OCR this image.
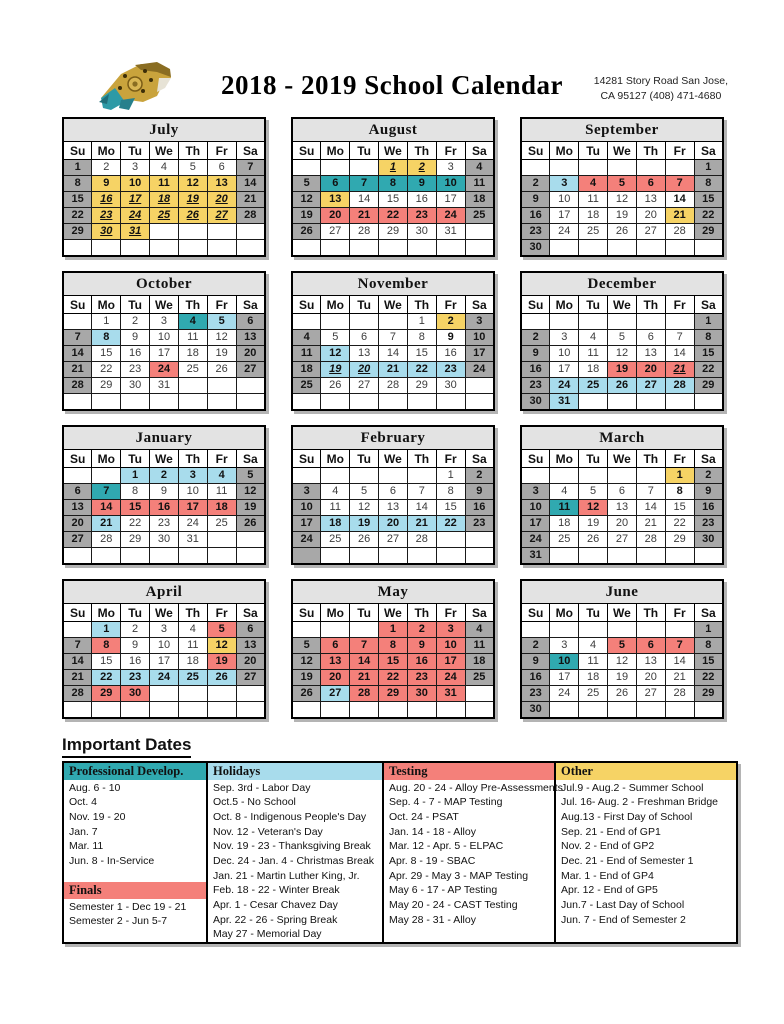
2018 - 2019 School Calendar	14281 Story Road San Jose,
CA 95127 (408) 471-4680
July						
Su	Mo	Tu	We	Th	Fr	Sa
1	2	3	4	5	6	7
8	9	10	11	12	13	14
15	16	17	18	19	20	21
22	23	24	25	26	27	28
29	30	31				

August						
Su	Mo	Tu	We	Th	Fr	Sa
			1	2	3	4
5	6	7	8	9	10	11
12	13	14	15	16	17	18
19	20	21	22	23	24	25
26	27	28	29	30	31	

September						
Su	Mo	Tu	We	Th	Fr	Sa
						1
2	3	4	5	6	7	8
9	10	11	12	13	14	15
16	17	18	19	20	21	22
23	24	25	26	27	28	29
30						
October						
Su	Mo	Tu	We	Th	Fr	Sa
	1	2	3	4	5	6
7	8	9	10	11	12	13
14	15	16	17	18	19	20
21	22	23	24	25	26	27
28	29	30	31			

November						
Su	Mo	Tu	We	Th	Fr	Sa
				1	2	3
4	5	6	7	8	9	10
11	12	13	14	15	16	17
18	19	20	21	22	23	24
25	26	27	28	29	30	

December						
Su	Mo	Tu	We	Th	Fr	Sa
						1
2	3	4	5	6	7	8
9	10	11	12	13	14	15
16	17	18	19	20	21	22
23	24	25	26	27	28	29
30	31					
January						
Su	Mo	Tu	We	Th	Fr	Sa
		1	2	3	4	5
6	7	8	9	10	11	12
13	14	15	16	17	18	19
20	21	22	23	24	25	26
27	28	29	30	31		

February						
Su	Mo	Tu	We	Th	Fr	Sa
					1	2
3	4	5	6	7	8	9
10	11	12	13	14	15	16
17	18	19	20	21	22	23
24	25	26	27	28		

March						
Su	Mo	Tu	We	Th	Fr	Sa
					1	2
3	4	5	6	7	8	9
10	11	12	13	14	15	16
17	18	19	20	21	22	23
24	25	26	27	28	29	30
31						
April						
Su	Mo	Tu	We	Th	Fr	Sa
	1	2	3	4	5	6
7	8	9	10	11	12	13
14	15	16	17	18	19	20
21	22	23	24	25	26	27
28	29	30				

May						
Su	Mo	Tu	We	Th	Fr	Sa
			1	2	3	4
5	6	7	8	9	10	11
12	13	14	15	16	17	18
19	20	21	22	23	24	25
26	27	28	29	30	31	

June						
Su	Mo	Tu	We	Th	Fr	Sa
						1
2	3	4	5	6	7	8
9	10	11	12	13	14	15
16	17	18	19	20	21	22
23	24	25	26	27	28	29
30						
Important Dates
Professional Develop.
Aug. 6 - 10
Oct. 4
Nov. 19 - 20
Jan. 7
Mar. 11
Jun. 8 - In-Service
Finals
Semester 1 - Dec 19 - 21
Semester 2 - Jun 5-7
Holidays
Sep. 3rd - Labor Day
Oct.5 - No School
Oct. 8 - Indigenous People's Day
Nov. 12 - Veteran's Day
Nov. 19 - 23 - Thanksgiving Break
Dec. 24 - Jan. 4 - Christmas Break
Jan. 21 - Martin Luther King, Jr.
Feb. 18 - 22 - Winter Break
Apr. 1 - Cesar Chavez Day
Apr. 22 - 26 - Spring Break
May 27 - Memorial Day
Testing
Aug. 20 - 24 - Alloy Pre-Assessments
Sep. 4 - 7 - MAP Testing
Oct. 24 - PSAT
Jan. 14 - 18 - Alloy
Mar. 12 - Apr. 5 - ELPAC
Apr. 8 - 19 - SBAC
Apr. 29 - May 3 - MAP Testing
May 6 - 17 - AP Testing
May 20 - 24 - CAST Testing
May 28 - 31 - Alloy
Other
Jul.9 - Aug.2 - Summer School
Jul. 16- Aug. 2 - Freshman Bridge
Aug.13 - First Day of School
Sep. 21 - End of GP1
Nov. 2 - End of GP2
Dec. 21 - End of Semester 1
Mar. 1 - End of GP4
Apr. 12 - End of GP5
Jun.7 - Last Day of School
Jun. 7 - End of Semester 2
